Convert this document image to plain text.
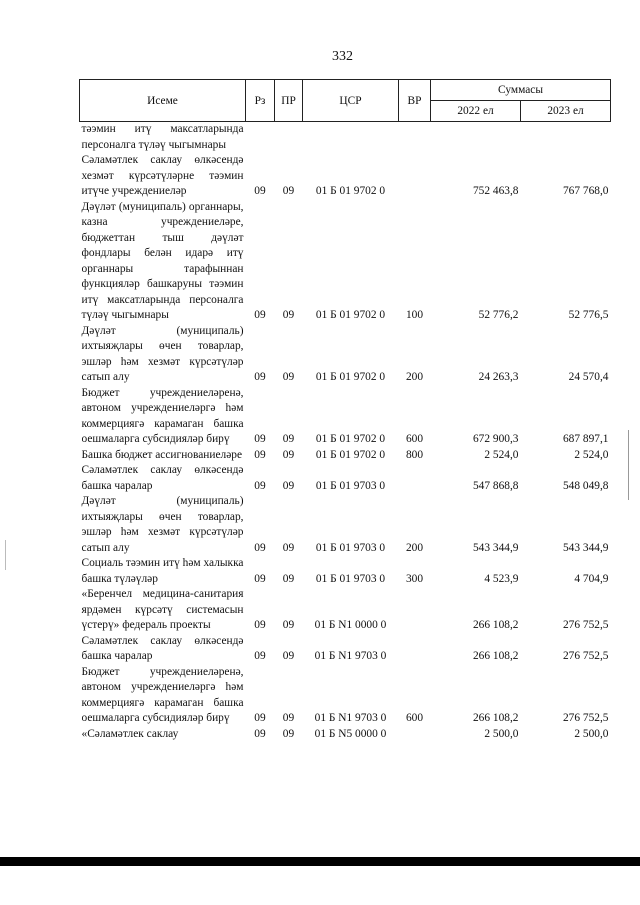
332
Исеме	Рз	ПР	ЦСР	ВР	Суммасы	
					2022 ел	2023 ел
тәэмин итү максатларында персоналга түләү чыгымнары						
Сәламәтлек саклау өлкәсендә хезмәт күрсәтүләрне тәэмин итүче учреждениеләр	09	09	01 Б 01 9702 0		752 463,8	767 768,0
Дәүләт (муниципаль) органнары, казна учреждениеләре, бюджеттан тыш дәүләт фондлары белән идарә итү органнары тарафыннан функцияләр башкаруны тәэмин итү максатларында персоналга түләү чыгымнары	09	09	01 Б 01 9702 0	100	52 776,2	52 776,5
Дәүләт (муниципаль) ихтыяҗлары өчен товарлар, эшләр һәм хезмәт күрсәтүләр сатып алу	09	09	01 Б 01 9702 0	200	24 263,3	24 570,4
Бюджет учреждениеләренә, автоном учреждениеләргә һәм коммерциягә карамаган башка оешмаларга субсидияләр бирү	09	09	01 Б 01 9702 0	600	672 900,3	687 897,1
Башка бюджет ассигнованиеләре	09	09	01 Б 01 9702 0	800	2 524,0	2 524,0
Сәламәтлек саклау өлкәсендә башка чаралар	09	09	01 Б 01 9703 0		547 868,8	548 049,8
Дәүләт (муниципаль) ихтыяҗлары өчен товарлар, эшләр һәм хезмәт күрсәтүләр сатып алу	09	09	01 Б 01 9703 0	200	543 344,9	543 344,9
Социаль тәэмин итү һәм халыкка башка түләүләр	09	09	01 Б 01 9703 0	300	4 523,9	4 704,9
«Беренчел медицина-санитария ярдәмен күрсәтү системасын үстерү» федераль проекты	09	09	01 Б N1 0000 0		266 108,2	276 752,5
Сәламәтлек саклау өлкәсендә башка чаралар	09	09	01 Б N1 9703 0		266 108,2	276 752,5
Бюджет учреждениеләренә, автоном учреждениеләргә һәм коммерциягә карамаган башка оешмаларга субсидияләр бирү	09	09	01 Б N1 9703 0	600	266 108,2	276 752,5
«Сәламәтлек саклау	09	09	01 Б N5 0000 0		2 500,0	2 500,0
